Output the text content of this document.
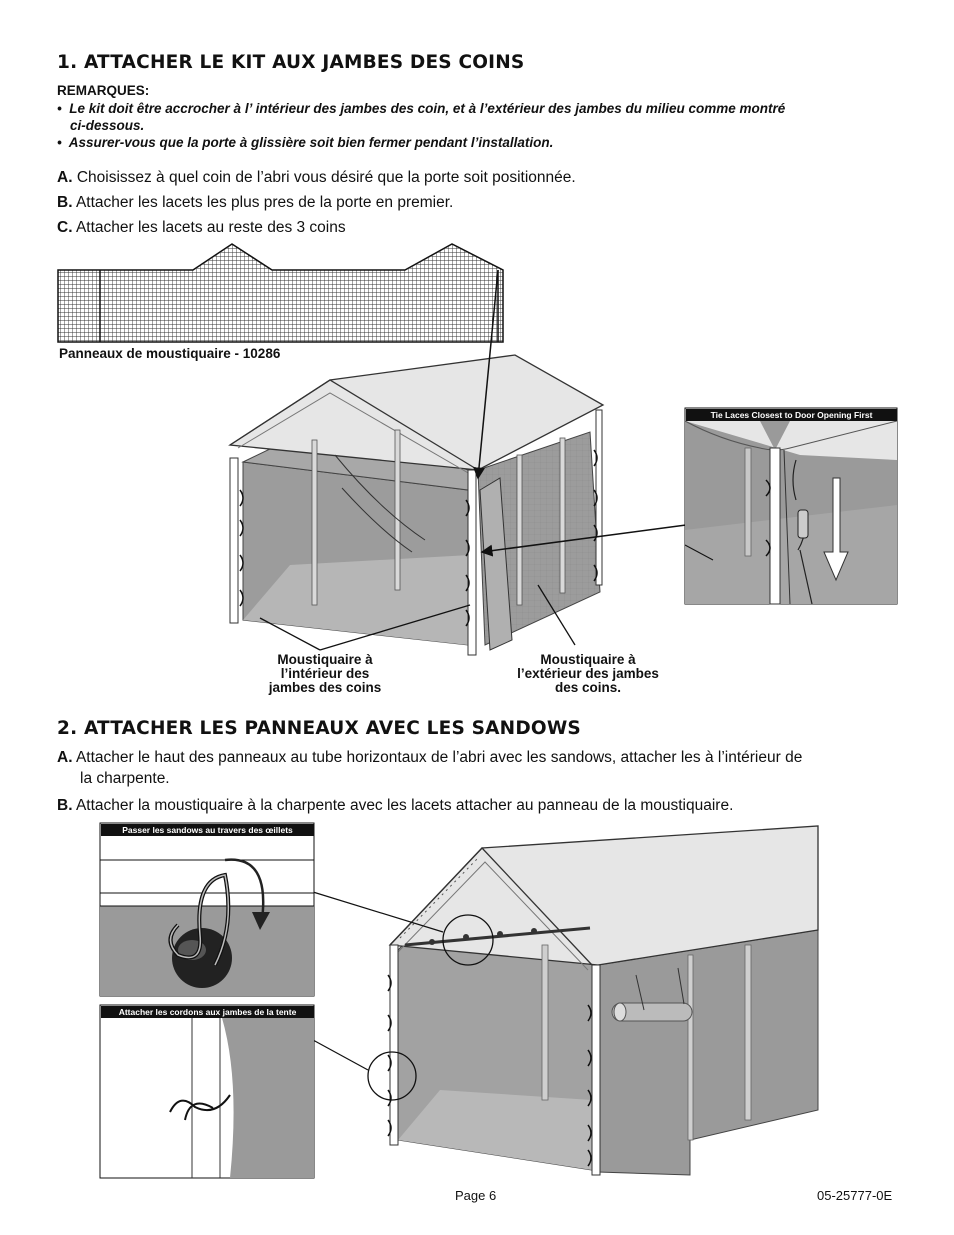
1. ATTACHER LE KIT AUX JAMBES DES COINS
REMARQUES:
• Le kit doit être accrocher à l’ intérieur des jambes des coin, et à l’extérieur des jambes du milieu comme montré
ci-dessous.
• Assurer-vous que la porte à glissière soit bien fermer pendant l’installation.
A. Choisissez à quel coin de l’abri vous désiré que la porte soit positionnée.
B. Attacher les lacets les plus pres de la porte en premier.
C. Attacher les lacets au reste des 3 coins
Tie Laces Closest to Door Opening First
Panneaux de moustiquaire - 10286
Moustiquaire à
l’intérieur des
jambes des coins
Moustiquaire à
l’extérieur des jambes
des coins.
2. ATTACHER LES PANNEAUX AVEC LES SANDOWS
A. Attacher le haut des panneaux au tube horizontaux de l’abri avec les sandows, attacher les à l’intérieur de
la charpente.
B. Attacher la moustiquaire à la charpente avec les lacets attacher au panneau de la moustiquaire.
Passer les sandows au travers des œillets
Attacher les cordons aux jambes de la tente
Page 6	05-25777-0E
